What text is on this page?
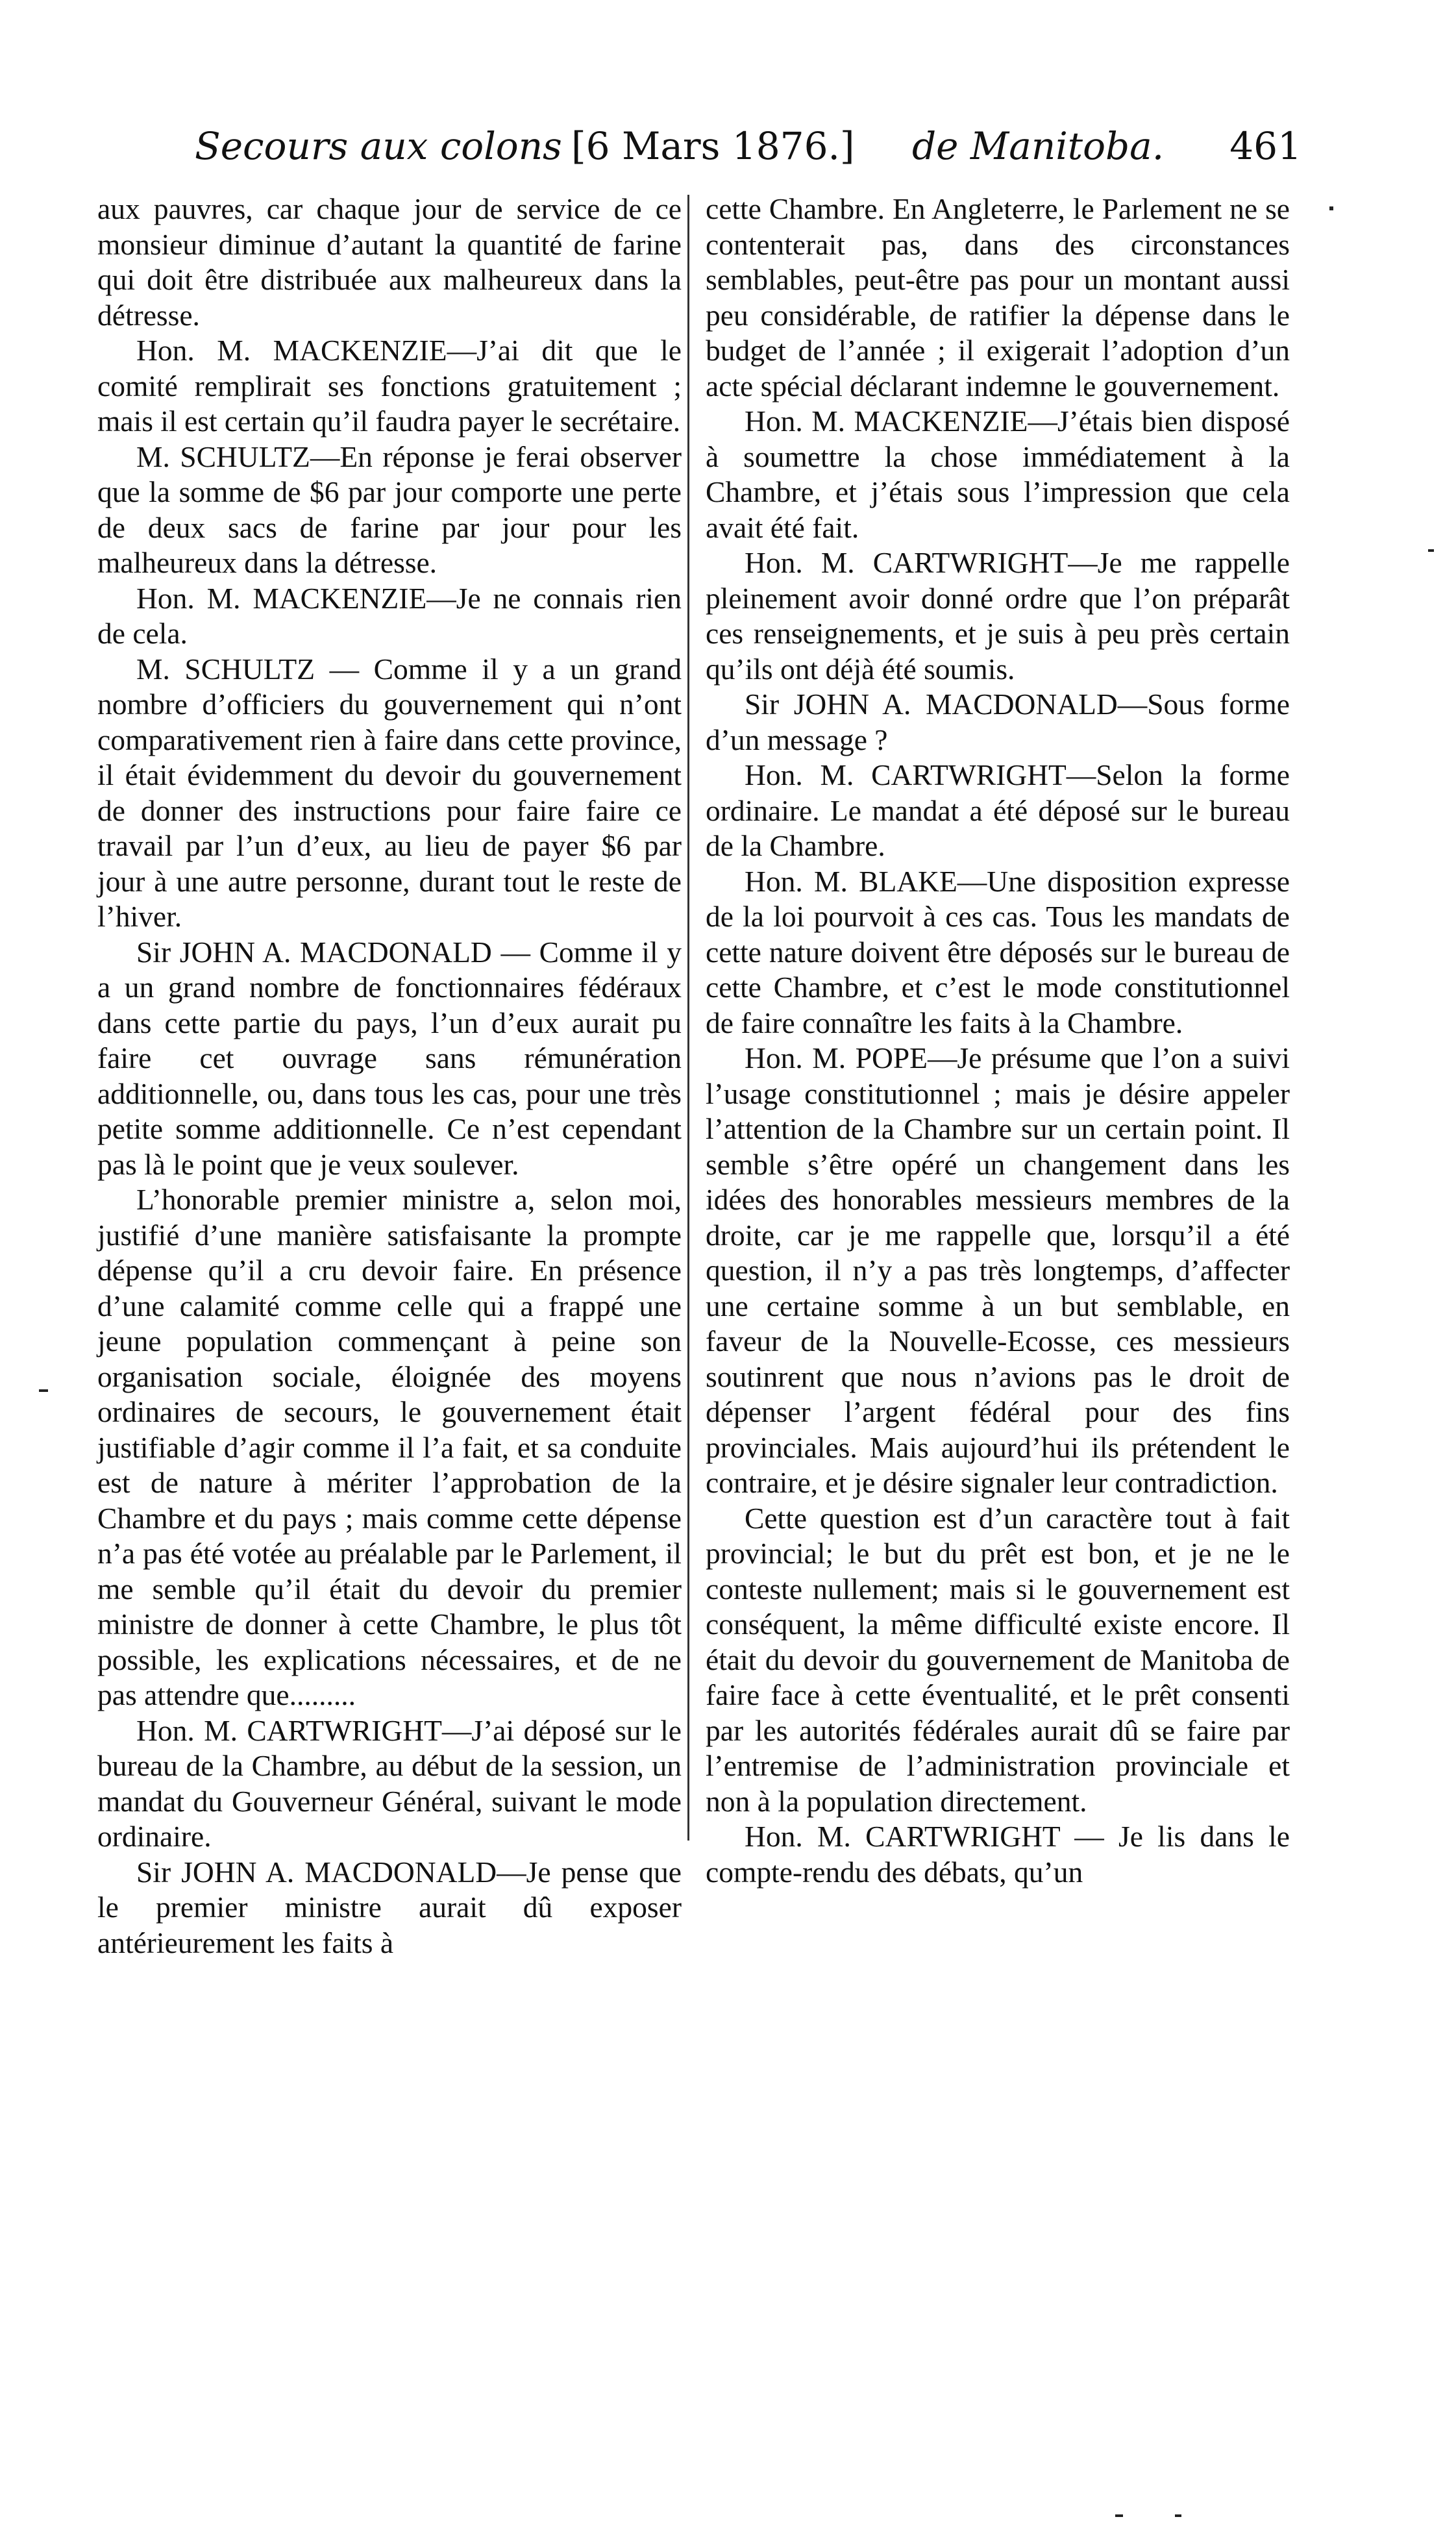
Secours aux colons [6 Mars 1876.] de Manitoba. 461

aux pauvres, car chaque jour de service de ce monsieur diminue d’autant la quantité de farine qui doit être distribuée aux malheureux dans la détresse.

Hon. M. MACKENZIE—J’ai dit que le comité remplirait ses fonctions gratuitement ; mais il est certain qu’il faudra payer le secrétaire.

M. SCHULTZ—En réponse je ferai observer que la somme de $6 par jour comporte une perte de deux sacs de farine par jour pour les malheureux dans la détresse.

Hon. M. MACKENZIE—Je ne connais rien de cela.

M. SCHULTZ — Comme il y a un grand nombre d’officiers du gouvernement qui n’ont comparativement rien à faire dans cette province, il était évidemment du devoir du gouvernement de donner des instructions pour faire faire ce travail par l’un d’eux, au lieu de payer $6 par jour à une autre personne, durant tout le reste de l’hiver.

Sir JOHN A. MACDONALD — Comme il y a un grand nombre de fonctionnaires fédéraux dans cette partie du pays, l’un d’eux aurait pu faire cet ouvrage sans rémunération additionnelle, ou, dans tous les cas, pour une très petite somme additionnelle. Ce n’est cependant pas là le point que je veux soulever.

L’honorable premier ministre a, selon moi, justifié d’une manière satisfaisante la prompte dépense qu’il a cru devoir faire. En présence d’une calamité comme celle qui a frappé une jeune population commençant à peine son organisation sociale, éloignée des moyens ordinaires de secours, le gouvernement était justifiable d’agir comme il l’a fait, et sa conduite est de nature à mériter l’approbation de la Chambre et du pays ; mais comme cette dépense n’a pas été votée au préalable par le Parlement, il me semble qu’il était du devoir du premier ministre de donner à cette Chambre, le plus tôt possible, les explications nécessaires, et de ne pas attendre que.........

Hon. M. CARTWRIGHT—J’ai déposé sur le bureau de la Chambre, au début de la session, un mandat du Gouverneur Général, suivant le mode ordinaire.

Sir JOHN A. MACDONALD—Je pense que le premier ministre aurait dû exposer antérieurement les faits à

cette Chambre. En Angleterre, le Parlement ne se contenterait pas, dans des circonstances semblables, peut-être pas pour un montant aussi peu considérable, de ratifier la dépense dans le budget de l’année ; il exigerait l’adoption d’un acte spécial déclarant indemne le gouvernement.

Hon. M. MACKENZIE—J’étais bien disposé à soumettre la chose immédiatement à la Chambre, et j’étais sous l’impression que cela avait été fait.

Hon. M. CARTWRIGHT—Je me rappelle pleinement avoir donné ordre que l’on préparât ces renseignements, et je suis à peu près certain qu’ils ont déjà été soumis.

Sir JOHN A. MACDONALD—Sous forme d’un message ?

Hon. M. CARTWRIGHT—Selon la forme ordinaire. Le mandat a été déposé sur le bureau de la Chambre.

Hon. M. BLAKE—Une disposition expresse de la loi pourvoit à ces cas. Tous les mandats de cette nature doivent être déposés sur le bureau de cette Chambre, et c’est le mode constitutionnel de faire connaître les faits à la Chambre.

Hon. M. POPE—Je présume que l’on a suivi l’usage constitutionnel ; mais je désire appeler l’attention de la Chambre sur un certain point. Il semble s’être opéré un changement dans les idées des honorables messieurs membres de la droite, car je me rappelle que, lorsqu’il a été question, il n’y a pas très longtemps, d’affecter une certaine somme à un but semblable, en faveur de la Nouvelle-Ecosse, ces messieurs soutinrent que nous n’avions pas le droit de dépenser l’argent fédéral pour des fins provinciales. Mais aujourd’hui ils prétendent le contraire, et je désire signaler leur contradiction.

Cette question est d’un caractère tout à fait provincial; le but du prêt est bon, et je ne le conteste nullement; mais si le gouvernement est conséquent, la même difficulté existe encore. Il était du devoir du gouvernement de Manitoba de faire face à cette éventualité, et le prêt consenti par les autorités fédérales aurait dû se faire par l’entremise de l’administration provinciale et non à la population directement.

Hon. M. CARTWRIGHT — Je lis dans le compte-rendu des débats, qu’un
